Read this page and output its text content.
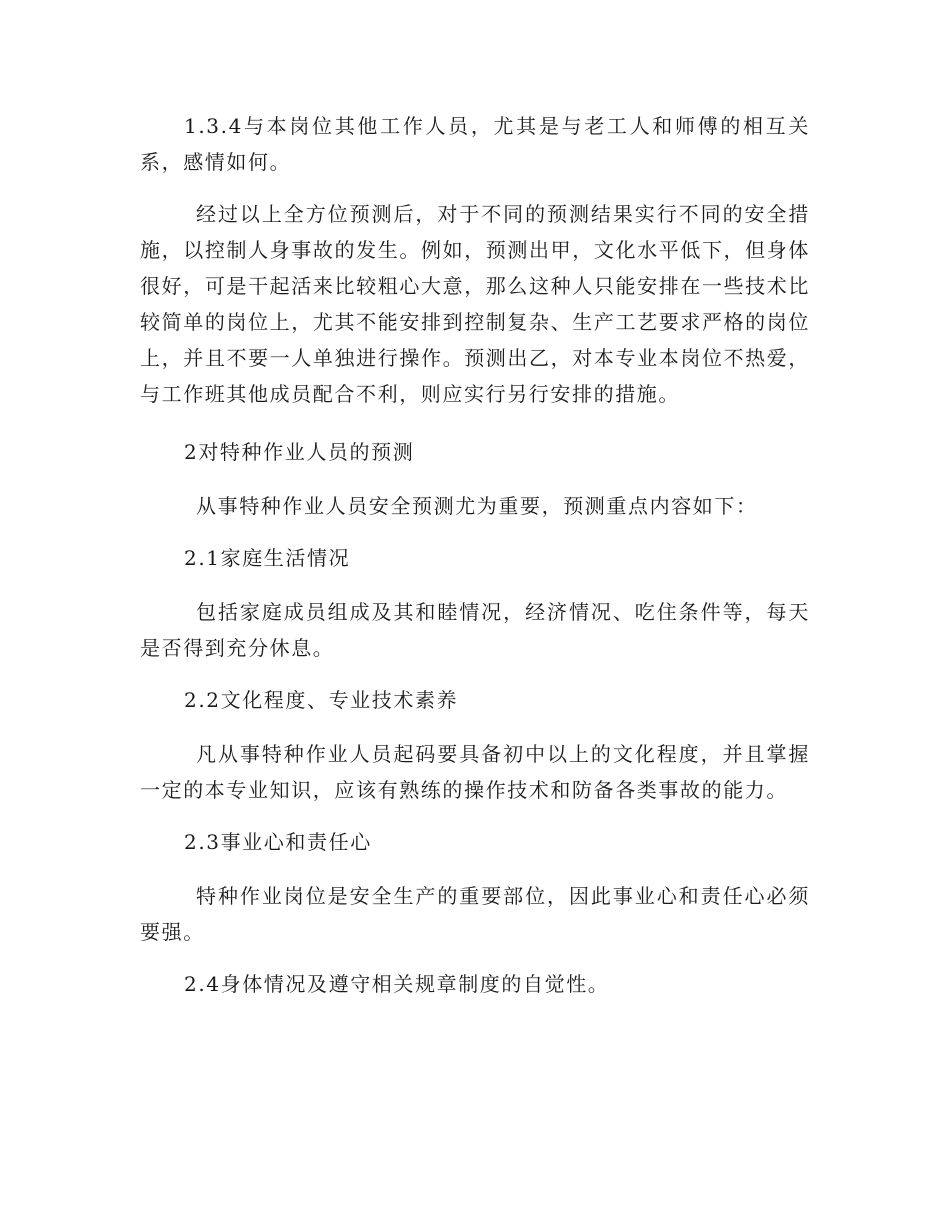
1.3.4与本岗位其他工作人员，尤其是与老工人和师傅的相互关系，感情如何。

经过以上全方位预测后，对于不同的预测结果实行不同的安全措施，以控制人身事故的发生。例如，预测出甲，文化水平低下，但身体很好，可是干起活来比较粗心大意，那么这种人只能安排在一些技术比较简单的岗位上，尤其不能安排到控制复杂、生产工艺要求严格的岗位上，并且不要一人单独进行操作。预测出乙，对本专业本岗位不热爱，与工作班其他成员配合不利，则应实行另行安排的措施。

2对特种作业人员的预测

从事特种作业人员安全预测尤为重要，预测重点内容如下：

2.1家庭生活情况

包括家庭成员组成及其和睦情况，经济情况、吃住条件等，每天是否得到充分休息。

2.2文化程度、专业技术素养

凡从事特种作业人员起码要具备初中以上的文化程度，并且掌握一定的本专业知识，应该有熟练的操作技术和防备各类事故的能力。

2.3事业心和责任心

特种作业岗位是安全生产的重要部位，因此事业心和责任心必须要强。

2.4身体情况及遵守相关规章制度的自觉性。
